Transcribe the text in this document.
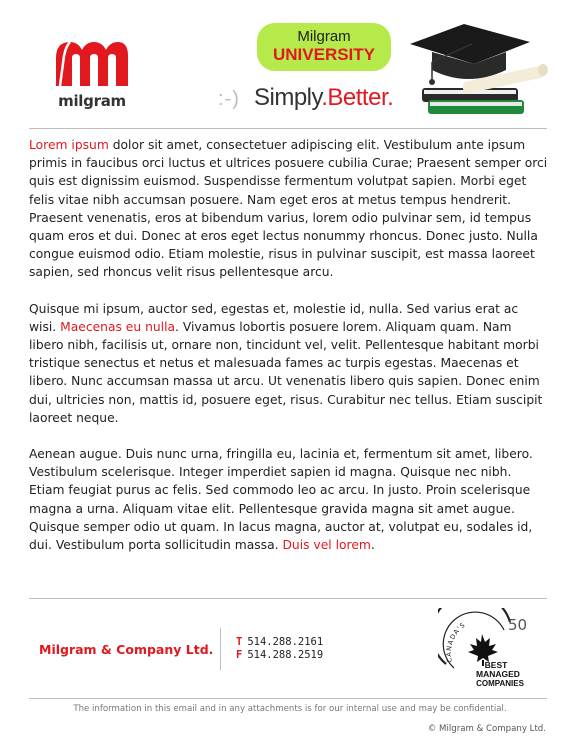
milgram
Milgram
UNIVERSITY
:-) Simply.Better.

Lorem ipsum dolor sit amet, consectetuer adipiscing elit. Vestibulum ante ipsum primis in faucibus orci luctus et ultrices posuere cubilia Curae; Praesent semper orci quis est dignissim euismod. Suspendisse fermentum volutpat sapien. Morbi eget felis vitae nibh accumsan posuere. Nam eget eros at metus tempus hendrerit. Praesent venenatis, eros at bibendum varius, lorem odio pulvinar sem, id tempus quam eros et dui. Donec at eros eget lectus nonummy rhoncus. Donec justo. Nulla congue euismod odio. Etiam molestie, risus in pulvinar suscipit, est massa laoreet sapien, sed rhoncus velit risus pellentesque arcu.

Quisque mi ipsum, auctor sed, egestas et, molestie id, nulla. Sed varius erat ac wisi. Maecenas eu nulla. Vivamus lobortis posuere lorem. Aliquam quam. Nam libero nibh, facilisis ut, ornare non, tincidunt vel, velit. Pellentesque habitant morbi tristique senectus et netus et malesuada fames ac turpis egestas. Maecenas et libero. Nunc accumsan massa ut arcu. Ut venenatis libero quis sapien. Donec enim dui, ultricies non, mattis id, posuere eget, risus. Curabitur nec tellus. Etiam suscipit laoreet neque.

Aenean augue. Duis nunc urna, fringilla eu, lacinia et, fermentum sit amet, libero. Vestibulum scelerisque. Integer imperdiet sapien id magna. Quisque nec nibh. Etiam feugiat purus ac felis. Sed commodo leo ac arcu. In justo. Proin scelerisque magna a urna. Aliquam vitae elit. Pellentesque gravida magna sit amet augue. Quisque semper odio ut quam. In lacus magna, auctor at, volutpat eu, sodales id, dui. Vestibulum porta sollicitudin massa. Duis vel lorem.

Milgram & Company Ltd. T 514.288.2161
F 514.288.2519	CANADA'S	50
BEST
MANAGED
COMPANIES
The information in this email and in any attachments is for our internal use and may be confidential.
© Milgram & Company Ltd.
